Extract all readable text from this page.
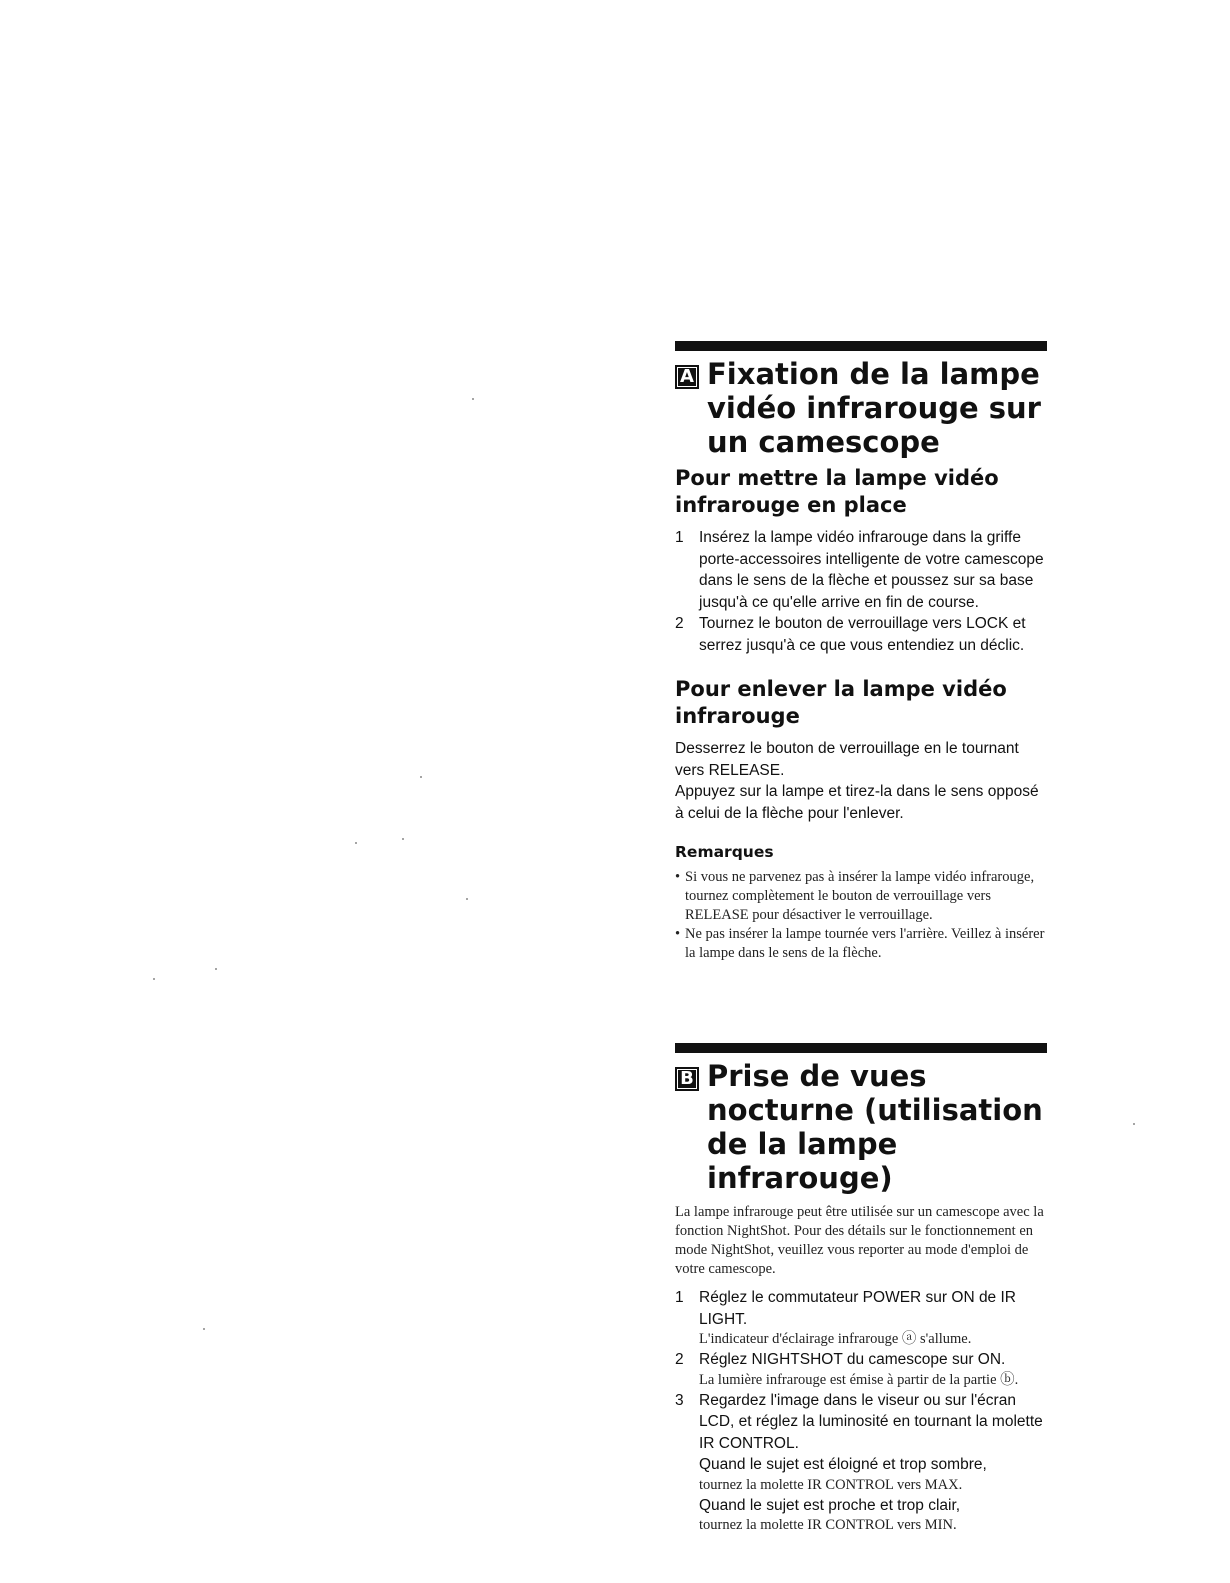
A Fixation de la lampe vidéo infrarouge sur un camescope
Pour mettre la lampe vidéo infrarouge en place
1 Insérez la lampe vidéo infrarouge dans la griffe porte-accessoires intelligente de votre camescope dans le sens de la flèche et poussez sur sa base jusqu'à ce qu'elle arrive en fin de course.
2 Tournez le bouton de verrouillage vers LOCK et serrez jusqu'à ce que vous entendiez un déclic.
Pour enlever la lampe vidéo infrarouge

Desserrez le bouton de verrouillage en le tournant vers RELEASE.

Appuyez sur la lampe et tirez-la dans le sens opposé à celui de la flèche pour l'enlever.

Remarques
• Si vous ne parvenez pas à insérer la lampe vidéo infrarouge, tournez complètement le bouton de verrouillage vers RELEASE pour désactiver le verrouillage.
• Ne pas insérer la lampe tournée vers l'arrière. Veillez à insérer la lampe dans le sens de la flèche.
B Prise de vues nocturne (utilisation de la lampe infrarouge)

La lampe infrarouge peut être utilisée sur un camescope avec la fonction NightShot. Pour des détails sur le fonctionnement en mode NightShot, veuillez vous reporter au mode d'emploi de votre camescope.

1 Réglez le commutateur POWER sur ON de IR LIGHT.
L'indicateur d'éclairage infrarouge ⓐ s'allume.
2 Réglez NIGHTSHOT du camescope sur ON.
La lumière infrarouge est émise à partir de la partie ⓑ.
3 Regardez l'image dans le viseur ou sur l'écran LCD, et réglez la luminosité en tournant la molette IR CONTROL.

Quand le sujet est éloigné et trop sombre,

tournez la molette IR CONTROL vers MAX.

Quand le sujet est proche et trop clair,

tournez la molette IR CONTROL vers MIN.
